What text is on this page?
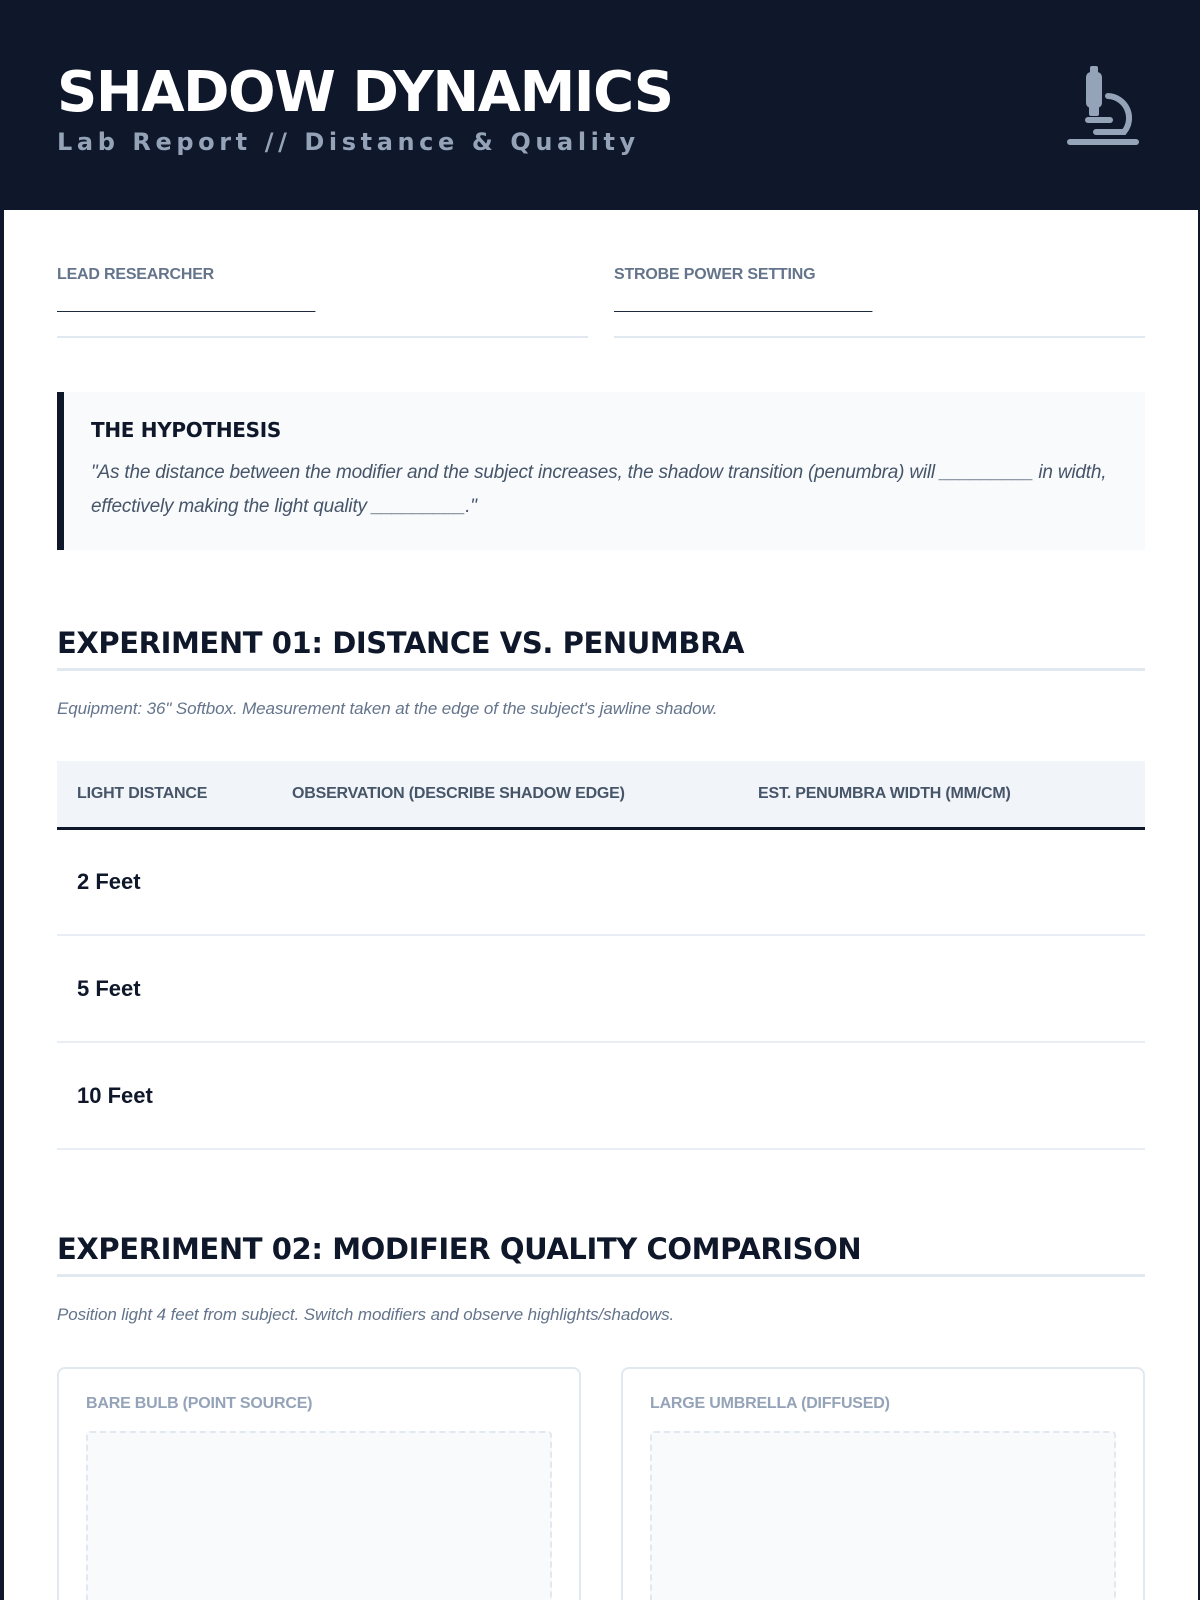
SHADOW DYNAMICS
Lab Report // Distance & Quality
LEAD RESEARCHER
______________________________
STROBE POWER SETTING
______________________________
THE HYPOTHESIS

"As the distance between the modifier and the subject increases, the shadow transition (penumbra) will _________ in width, effectively making the light quality _________."

EXPERIMENT 01: DISTANCE VS. PENUMBRA

Equipment: 36" Softbox. Measurement taken at the edge of the subject's jawline shadow.

LIGHT DISTANCE	OBSERVATION (DESCRIBE SHADOW EDGE)	EST. PENUMBRA WIDTH (MM/CM)
2 Feet		
5 Feet		
10 Feet		
EXPERIMENT 02: MODIFIER QUALITY COMPARISON

Position light 4 feet from subject. Switch modifiers and observe highlights/shadows.

BARE BULB (POINT SOURCE)	LARGE UMBRELLA (DIFFUSED)
